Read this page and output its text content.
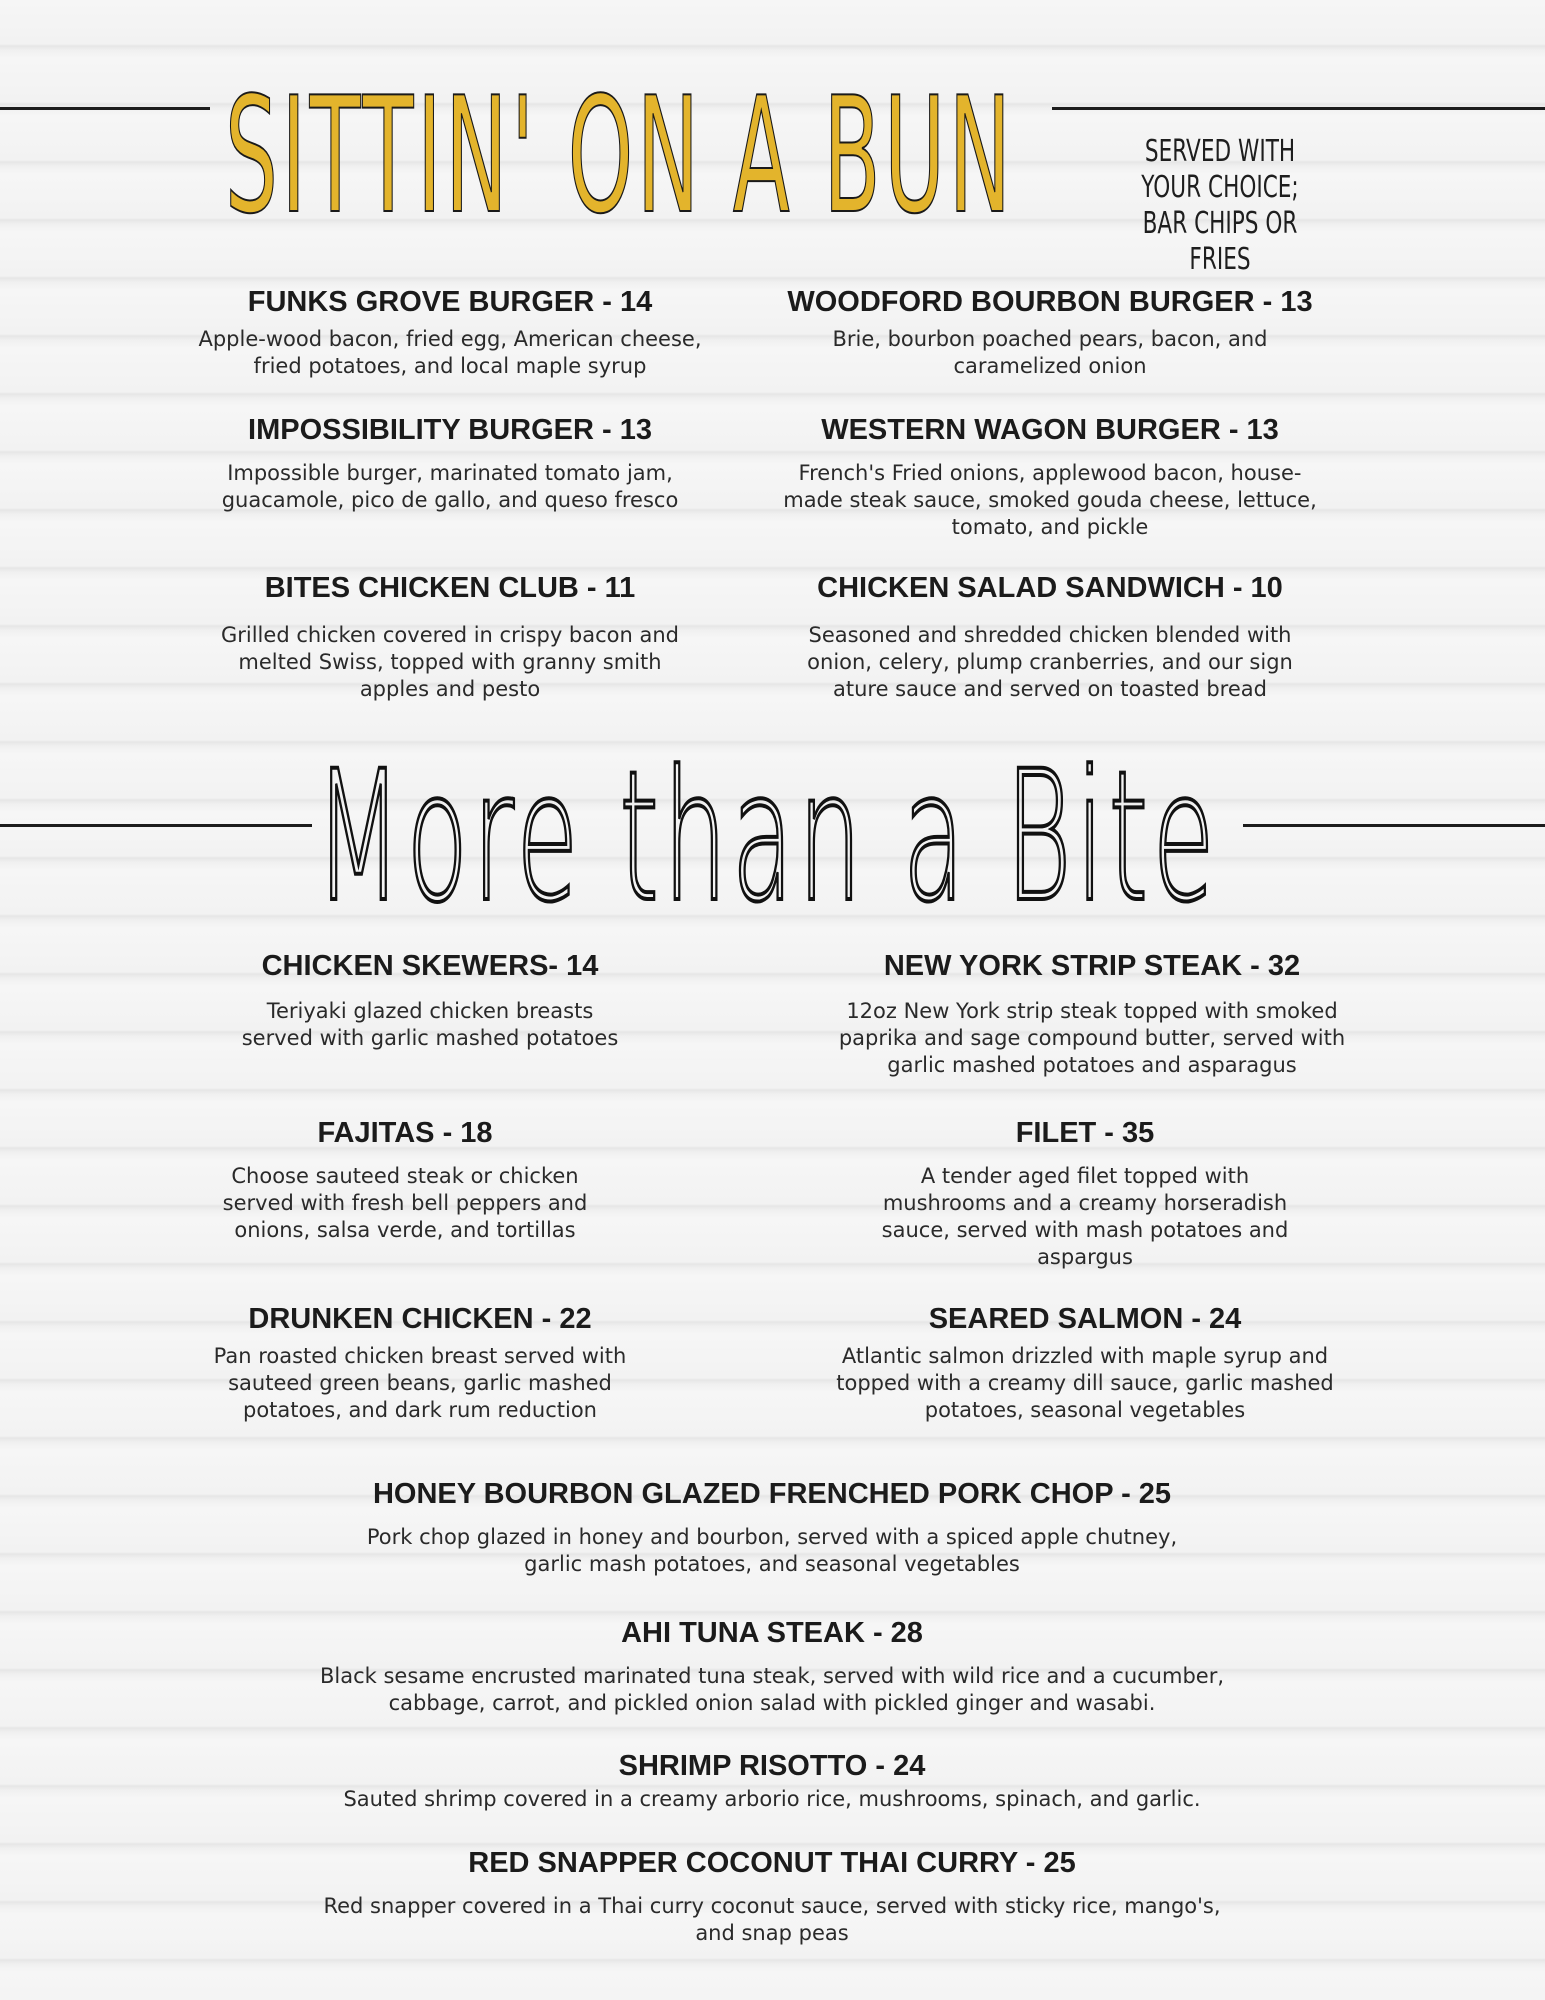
SITTIN' ON A BUN	SERVED WITH YOUR CHOICE; BAR CHIPS OR FRIES
FUNKS GROVE BURGER - 14
Apple-wood bacon, fried egg, American cheese, fried potatoes, and local maple syrup
WOODFORD BOURBON BURGER - 13
Brie, bourbon poached pears, bacon, and caramelized onion
IMPOSSIBILITY BURGER - 13
Impossible burger, marinated tomato jam, guacamole, pico de gallo, and queso fresco
WESTERN WAGON BURGER - 13
French's Fried onions, applewood bacon, house-made steak sauce, smoked gouda cheese, lettuce, tomato, and pickle
BITES CHICKEN CLUB - 11
Grilled chicken covered in crispy bacon and melted Swiss, topped with granny smith apples and pesto
CHICKEN SALAD SANDWICH - 10
Seasoned and shredded chicken blended with onion, celery, plump cranberries, and our sign ature sauce and served on toasted bread
More than a Bite
CHICKEN SKEWERS- 14
Teriyaki glazed chicken breasts served with garlic mashed potatoes
NEW YORK STRIP STEAK - 32
12oz New York strip steak topped with smoked paprika and sage compound butter, served with garlic mashed potatoes and asparagus
FAJITAS - 18
Choose sauteed steak or chicken served with fresh bell peppers and onions, salsa verde, and tortillas
FILET - 35
A tender aged filet topped with mushrooms and a creamy horseradish sauce, served with mash potatoes and aspargus
DRUNKEN CHICKEN - 22
Pan roasted chicken breast served with sauteed green beans, garlic mashed potatoes, and dark rum reduction
SEARED SALMON - 24
Atlantic salmon drizzled with maple syrup and topped with a creamy dill sauce, garlic mashed potatoes, seasonal vegetables
HONEY BOURBON GLAZED FRENCHED PORK CHOP - 25
Pork chop glazed in honey and bourbon, served with a spiced apple chutney, garlic mash potatoes, and seasonal vegetables
AHI TUNA STEAK - 28
Black sesame encrusted marinated tuna steak, served with wild rice and a cucumber, cabbage, carrot, and pickled onion salad with pickled ginger and wasabi.
SHRIMP RISOTTO - 24
Sauted shrimp covered in a creamy arborio rice, mushrooms, spinach, and garlic.
RED SNAPPER COCONUT THAI CURRY - 25
Red snapper covered in a Thai curry coconut sauce, served with sticky rice, mango's, and snap peas
